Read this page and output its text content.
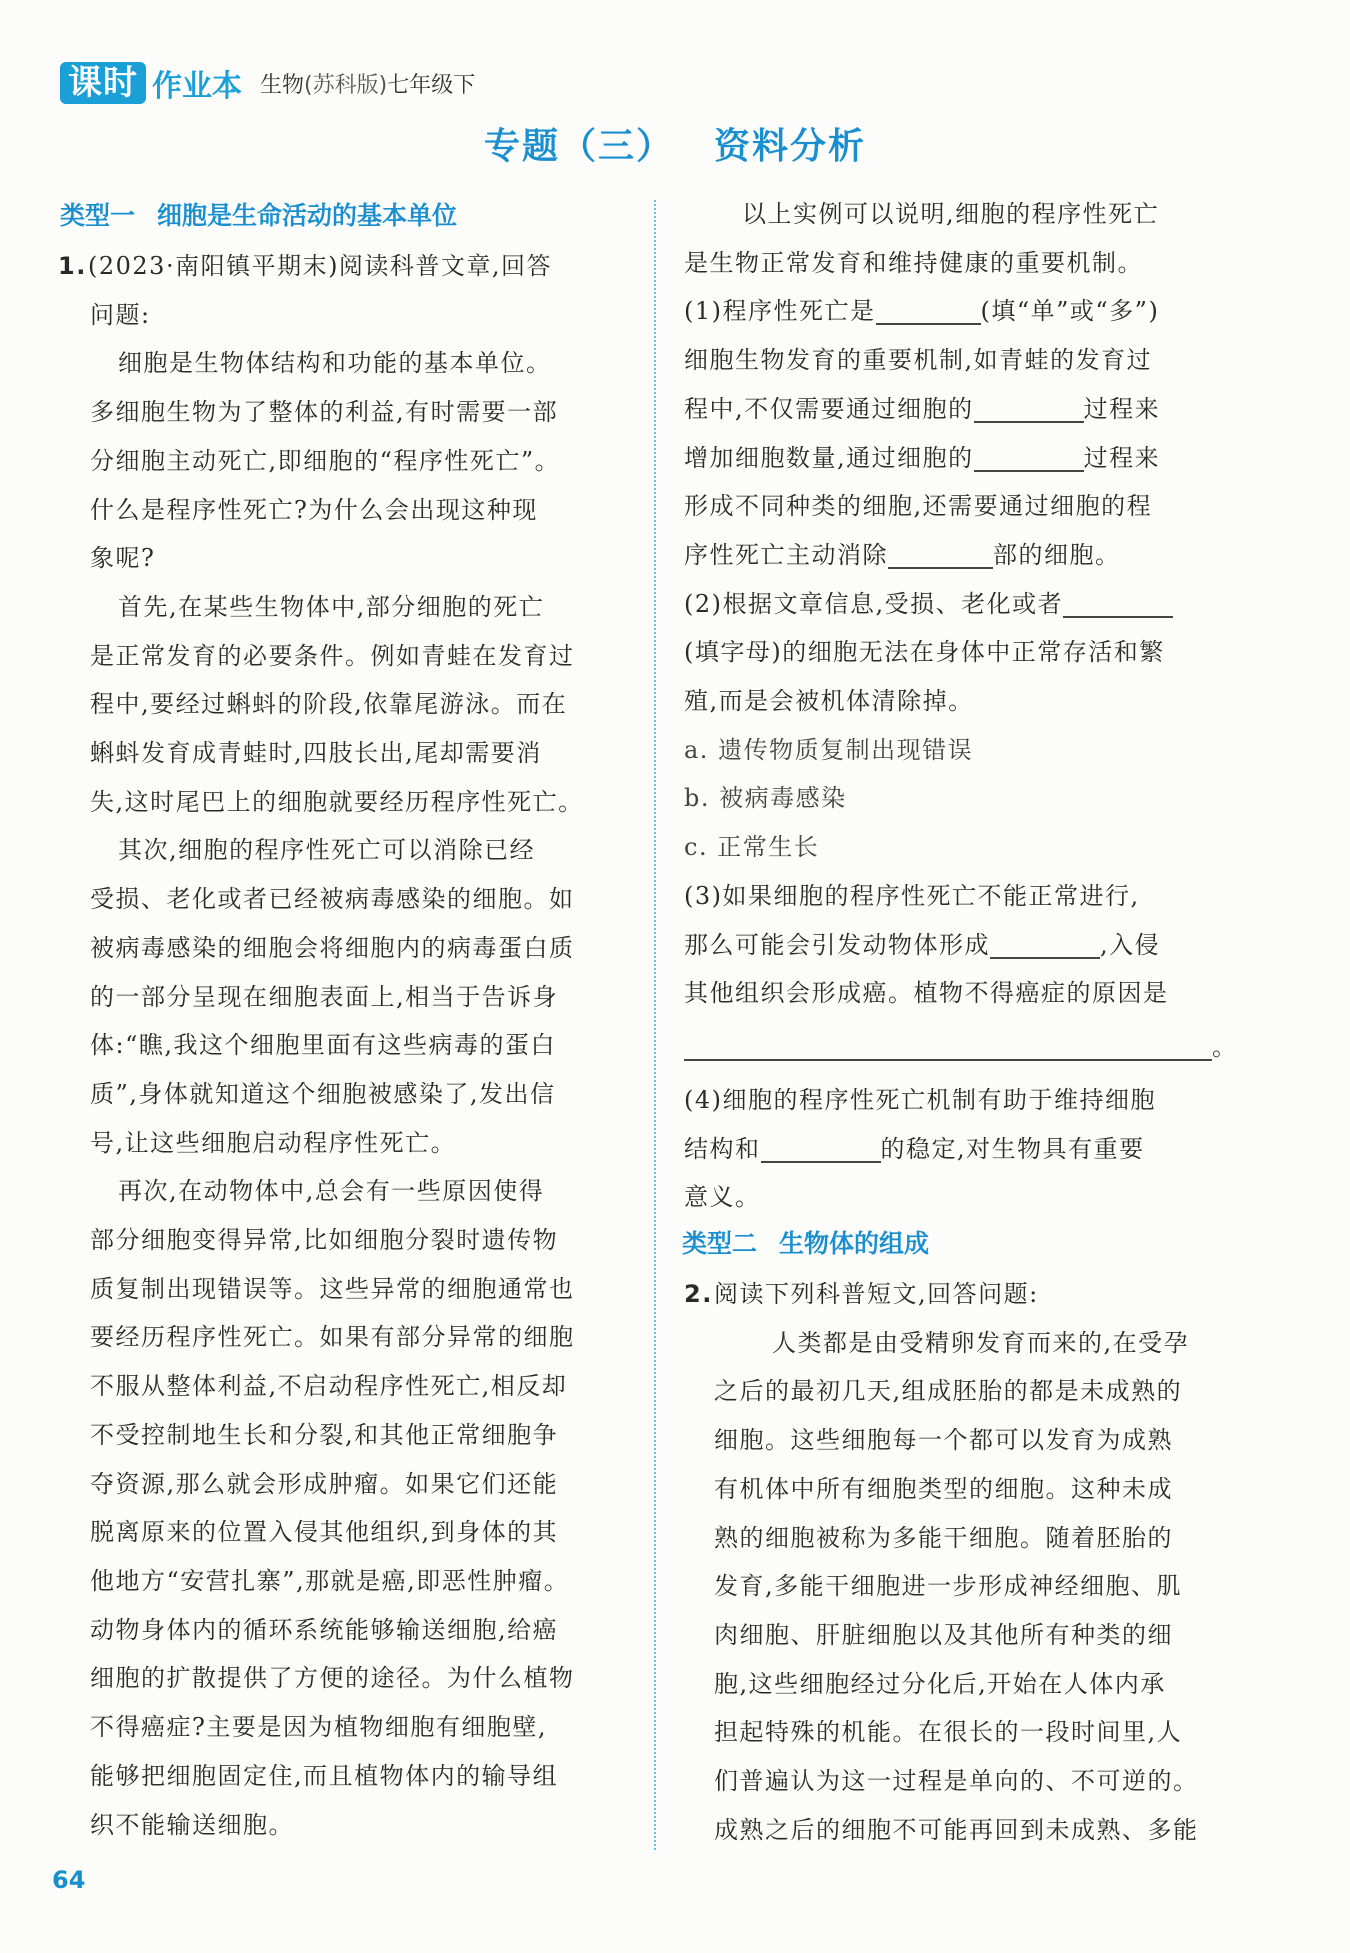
课时 作业本 生物(苏科版)七年级下
专题（三） 资料分析
类型一 细胞是生命活动的基本单位
1.(2023·南阳镇平期末)阅读科普文章,回答
问题:
细胞是生物体结构和功能的基本单位。
多细胞生物为了整体的利益,有时需要一部
分细胞主动死亡,即细胞的“程序性死亡”。
什么是程序性死亡?为什么会出现这种现
象呢?
首先,在某些生物体中,部分细胞的死亡
是正常发育的必要条件。例如青蛙在发育过
程中,要经过蝌蚪的阶段,依靠尾游泳。而在
蝌蚪发育成青蛙时,四肢长出,尾却需要消
失,这时尾巴上的细胞就要经历程序性死亡。
其次,细胞的程序性死亡可以消除已经
受损、老化或者已经被病毒感染的细胞。如
被病毒感染的细胞会将细胞内的病毒蛋白质
的一部分呈现在细胞表面上,相当于告诉身
体:“瞧,我这个细胞里面有这些病毒的蛋白
质”,身体就知道这个细胞被感染了,发出信
号,让这些细胞启动程序性死亡。
再次,在动物体中,总会有一些原因使得
部分细胞变得异常,比如细胞分裂时遗传物
质复制出现错误等。这些异常的细胞通常也
要经历程序性死亡。如果有部分异常的细胞
不服从整体利益,不启动程序性死亡,相反却
不受控制地生长和分裂,和其他正常细胞争
夺资源,那么就会形成肿瘤。如果它们还能
脱离原来的位置入侵其他组织,到身体的其
他地方“安营扎寨”,那就是癌,即恶性肿瘤。
动物身体内的循环系统能够输送细胞,给癌
细胞的扩散提供了方便的途径。为什么植物
不得癌症?主要是因为植物细胞有细胞壁,
能够把细胞固定住,而且植物体内的输导组
织不能输送细胞。
以上实例可以说明,细胞的程序性死亡
是生物正常发育和维持健康的重要机制。
(1)程序性死亡是	(填“单”或“多”)
细胞生物发育的重要机制,如青蛙的发育过
程中,不仅需要通过细胞的	过程来
增加细胞数量,通过细胞的	过程来
形成不同种类的细胞,还需要通过细胞的程
序性死亡主动消除	部的细胞。
(2)根据文章信息,受损、老化或者
(填字母)的细胞无法在身体中正常存活和繁
殖,而是会被机体清除掉。
a. 遗传物质复制出现错误
b. 被病毒感染
c. 正常生长
(3)如果细胞的程序性死亡不能正常进行,
那么可能会引发动物体形成	,入侵
其他组织会形成癌。植物不得癌症的原因是
。
(4)细胞的程序性死亡机制有助于维持细胞
结构和	的稳定,对生物具有重要
意义。
类型二 生物体的组成
2.阅读下列科普短文,回答问题:
人类都是由受精卵发育而来的,在受孕
之后的最初几天,组成胚胎的都是未成熟的
细胞。这些细胞每一个都可以发育为成熟
有机体中所有细胞类型的细胞。这种未成
熟的细胞被称为多能干细胞。随着胚胎的
发育,多能干细胞进一步形成神经细胞、肌
肉细胞、肝脏细胞以及其他所有种类的细
胞,这些细胞经过分化后,开始在人体内承
担起特殊的机能。在很长的一段时间里,人
们普遍认为这一过程是单向的、不可逆的。
成熟之后的细胞不可能再回到未成熟、多能
64
